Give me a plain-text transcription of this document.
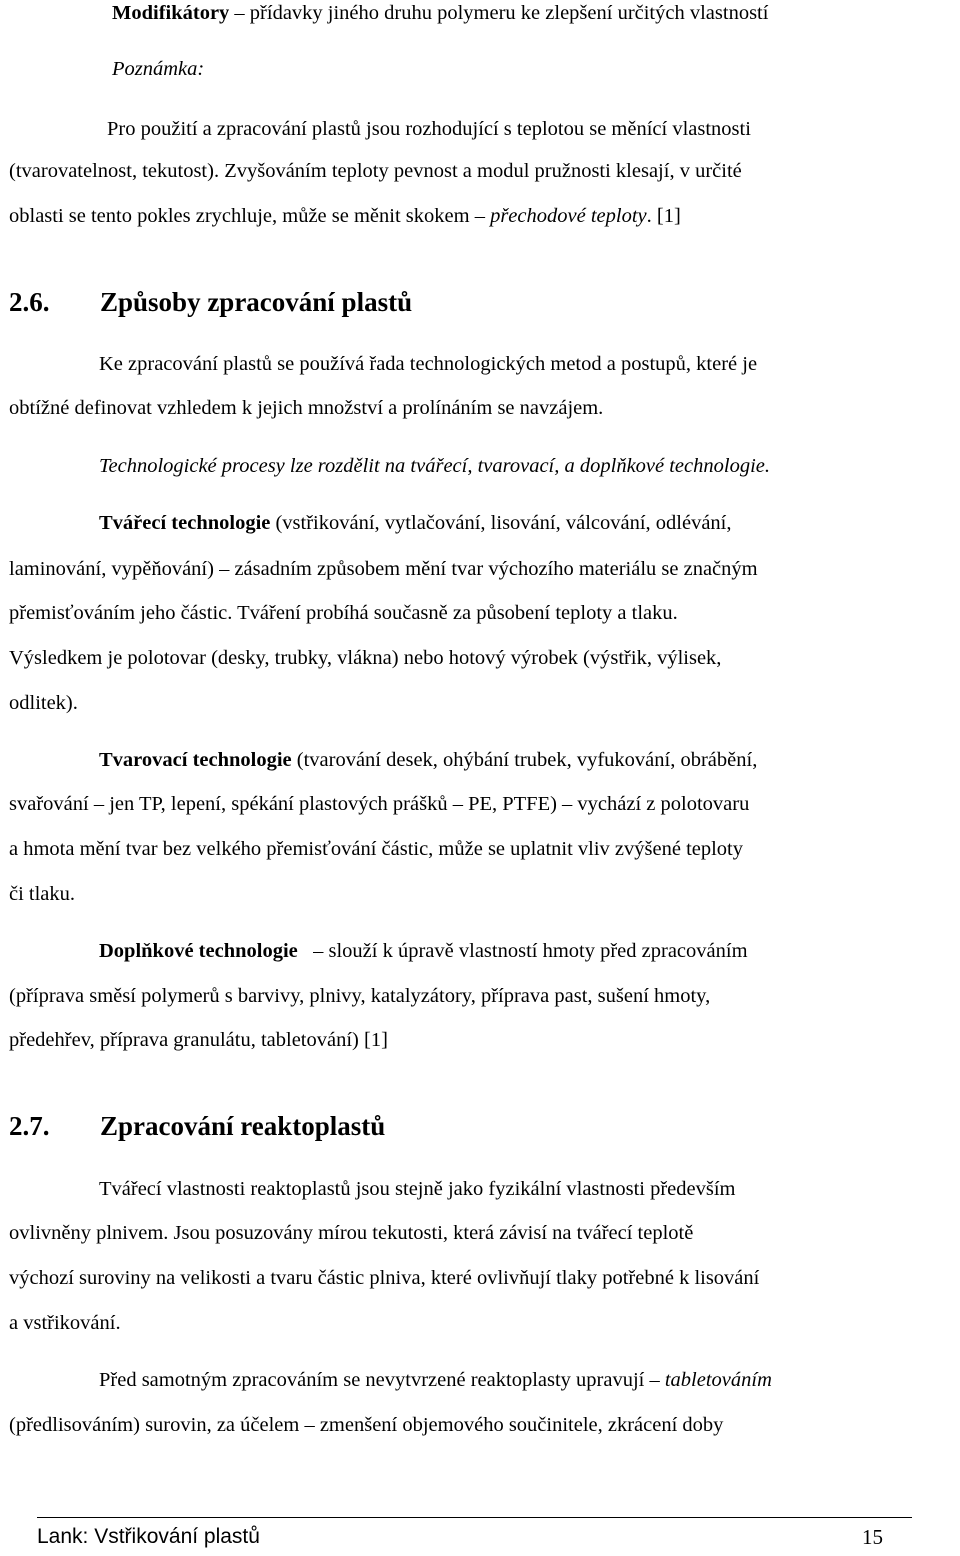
Modifikátory – přídavky jiného druhu polymeru ke zlepšení určitých vlastností
Poznámka:
Pro použití a zpracování plastů jsou rozhodující s teplotou se měnící vlastnosti
(tvarovatelnost, tekutost). Zvyšováním teploty pevnost a modul pružnosti klesají, v určité
oblasti se tento pokles zrychluje, může se měnit skokem – přechodové teploty. [1]
2.6. Způsoby zpracování plastů
Ke zpracování plastů se používá řada technologických metod a postupů, které je
obtížné definovat vzhledem k jejich množství a prolínáním se navzájem.
Technologické procesy lze rozdělit na tvářecí, tvarovací, a doplňkové technologie.
Tvářecí technologie (vstřikování, vytlačování, lisování, válcování, odlévání,
laminování, vypěňování) – zásadním způsobem mění tvar výchozího materiálu se značným
přemisťováním jeho částic. Tváření probíhá současně za působení teploty a tlaku.
Výsledkem je polotovar (desky, trubky, vlákna) nebo hotový výrobek (výstřik, výlisek,
odlitek).
Tvarovací technologie (tvarování desek, ohýbání trubek, vyfukování, obrábění,
svařování – jen TP, lepení, spékání plastových prášků – PE, PTFE) – vychází z polotovaru
a hmota mění tvar bez velkého přemisťování částic, může se uplatnit vliv zvýšené teploty
či tlaku.
Doplňkové technologie – slouží k úpravě vlastností hmoty před zpracováním
(příprava směsí polymerů s barvivy, plnivy, katalyzátory, příprava past, sušení hmoty,
předehřev, příprava granulátu, tabletování) [1]
2.7. Zpracování reaktoplastů
Tvářecí vlastnosti reaktoplastů jsou stejně jako fyzikální vlastnosti především
ovlivněny plnivem. Jsou posuzovány mírou tekutosti, která závisí na tvářecí teplotě
výchozí suroviny na velikosti a tvaru částic plniva, které ovlivňují tlaky potřebné k lisování
a vstřikování.
Před samotným zpracováním se nevytvrzené reaktoplasty upravují – tabletováním
(předlisováním) surovin, za účelem – zmenšení objemového součinitele, zkrácení doby
Lank: Vstřikování plastů	15
